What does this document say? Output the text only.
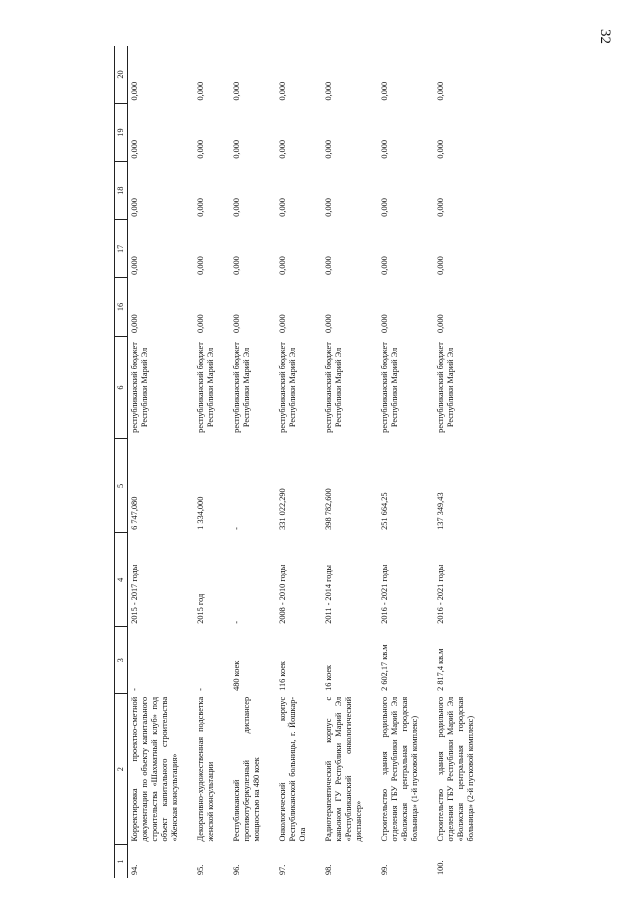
32
1	2	3	4	5	6	16	17	18	19	20
94.	Корректировка проектно-сметной документации по объекту капитального строительства «Шахматный клуб» под объект капитального строительства «Женская консультация»	-	2015 - 2017 годы	6 747,080	республиканский бюджет Республики Марий Эл	0,000	0,000	0,000	0,000	0,000
95.	Декоративно-художественная подсветка женской консультации	-	2015 год	1 334,000	республиканский бюджет Республики Марий Эл	0,000	0,000	0,000	0,000	0,000
96.	Республиканский противотуберкулезный диспансер мощностью на 480 коек	480 коек	-	-	республиканский бюджет Республики Марий Эл	0,000	0,000	0,000	0,000	0,000
97.	Онкологический корпус Республиканской больницы, г. Йошкар-Ола	116 коек	2008 - 2010 годы	331 022,290	республиканский бюджет Республики Марий Эл	0,000	0,000	0,000	0,000	0,000
98.	Радиотерапевтический корпус с каньоном ГУ Республики Марий Эл «Республиканский онкологический диспансер»	16 коек	2011 - 2014 годы	398 782,600	республиканский бюджет Республики Марий Эл	0,000	0,000	0,000	0,000	0,000
99.	Строительство здания родильного отделения ГБУ Республики Марий Эл «Волжская центральная городская больница» (1-й пусковой комплекс)	2 602,17 кв.м	2016 - 2021 годы	251 664,25	республиканский бюджет Республики Марий Эл	0,000	0,000	0,000	0,000	0,000
100.	Строительство здания родильного отделения ГБУ Республики Марий Эл «Волжская центральная городская больница» (2-й пусковой комплекс)	2 817,4 кв.м	2016 - 2021 годы	137 349,43	республиканский бюджет Республики Марий Эл	0,000	0,000	0,000	0,000	0,000
